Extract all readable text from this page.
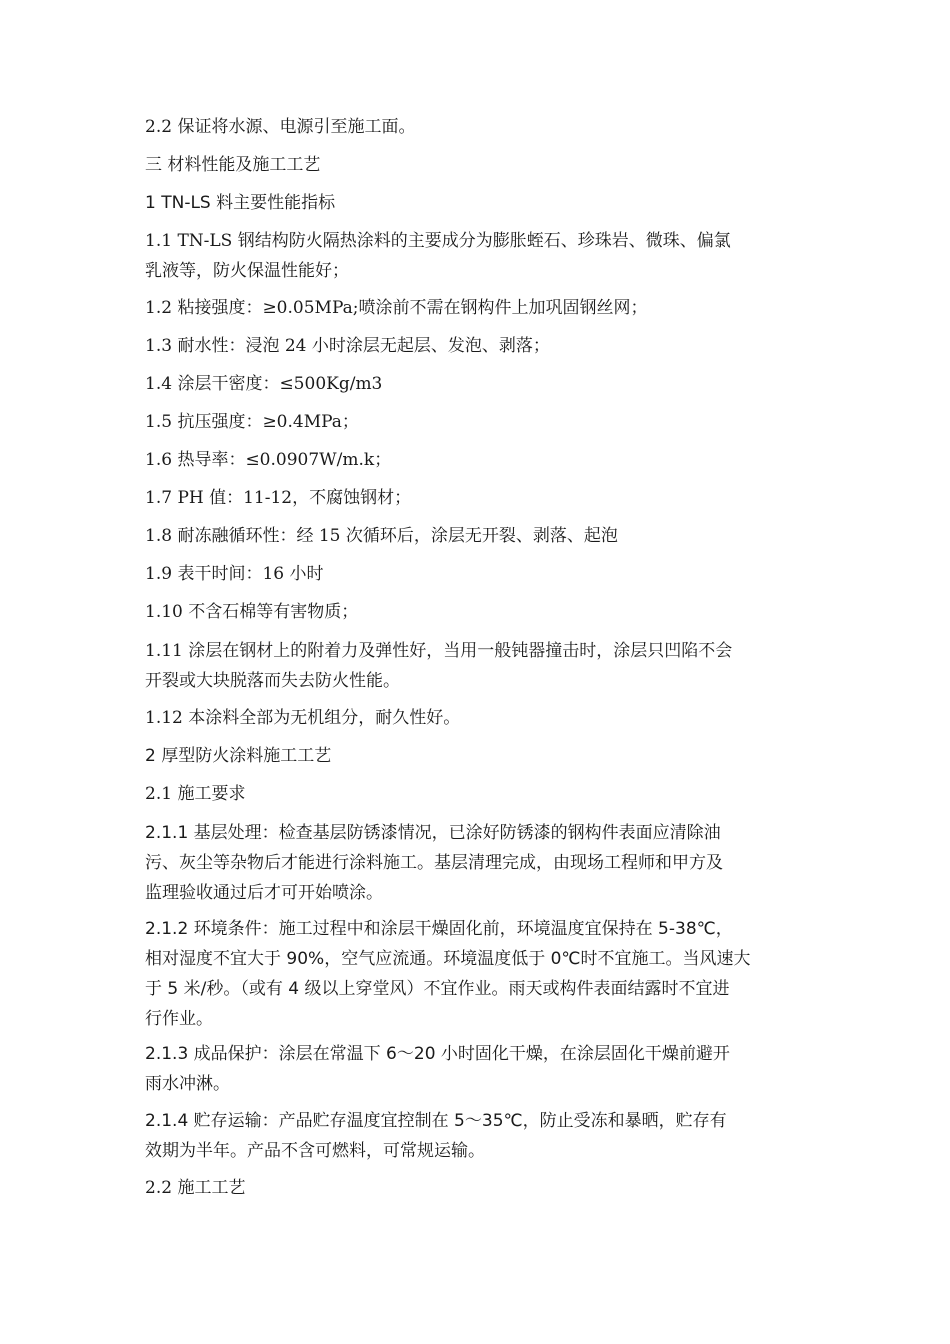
2.2 保证将水源、电源引至施工面。
三 材料性能及施工工艺
1 TN-LS 料主要性能指标
1.1 TN-LS 钢结构防火隔热涂料的主要成分为膨胀蛭石、珍珠岩、微珠、偏氯
乳液等，防火保温性能好；
1.2 粘接强度：≥0.05MPa;喷涂前不需在钢构件上加巩固钢丝网；
1.3 耐水性：浸泡 24 小时涂层无起层、发泡、剥落；
1.4 涂层干密度：≤500Kg/m3
1.5 抗压强度：≥0.4MPa；
1.6 热导率：≤0.0907W/m.k；
1.7 PH 值：11-12，不腐蚀钢材；
1.8 耐冻融循环性：经 15 次循环后，涂层无开裂、剥落、起泡
1.9 表干时间：16 小时
1.10 不含石棉等有害物质；
1.11 涂层在钢材上的附着力及弹性好，当用一般钝器撞击时，涂层只凹陷不会
开裂或大块脱落而失去防火性能。
1.12 本涂料全部为无机组分，耐久性好。
2 厚型防火涂料施工工艺
2.1 施工要求
2.1.1 基层处理：检查基层防锈漆情况，已涂好防锈漆的钢构件表面应清除油
污、灰尘等杂物后才能进行涂料施工。基层清理完成，由现场工程师和甲方及
监理验收通过后才可开始喷涂。
2.1.2 环境条件：施工过程中和涂层干燥固化前，环境温度宜保持在 5-38℃，
相对湿度不宜大于 90%，空气应流通。环境温度低于 0℃时不宜施工。当风速大
于 5 米/秒。（或有 4 级以上穿堂风）不宜作业。雨天或构件表面结露时不宜进
行作业。
2.1.3 成品保护：涂层在常温下 6～20 小时固化干燥，在涂层固化干燥前避开
雨水冲淋。
2.1.4 贮存运输：产品贮存温度宜控制在 5～35℃，防止受冻和暴晒，贮存有
效期为半年。产品不含可燃料，可常规运输。
2.2 施工工艺
